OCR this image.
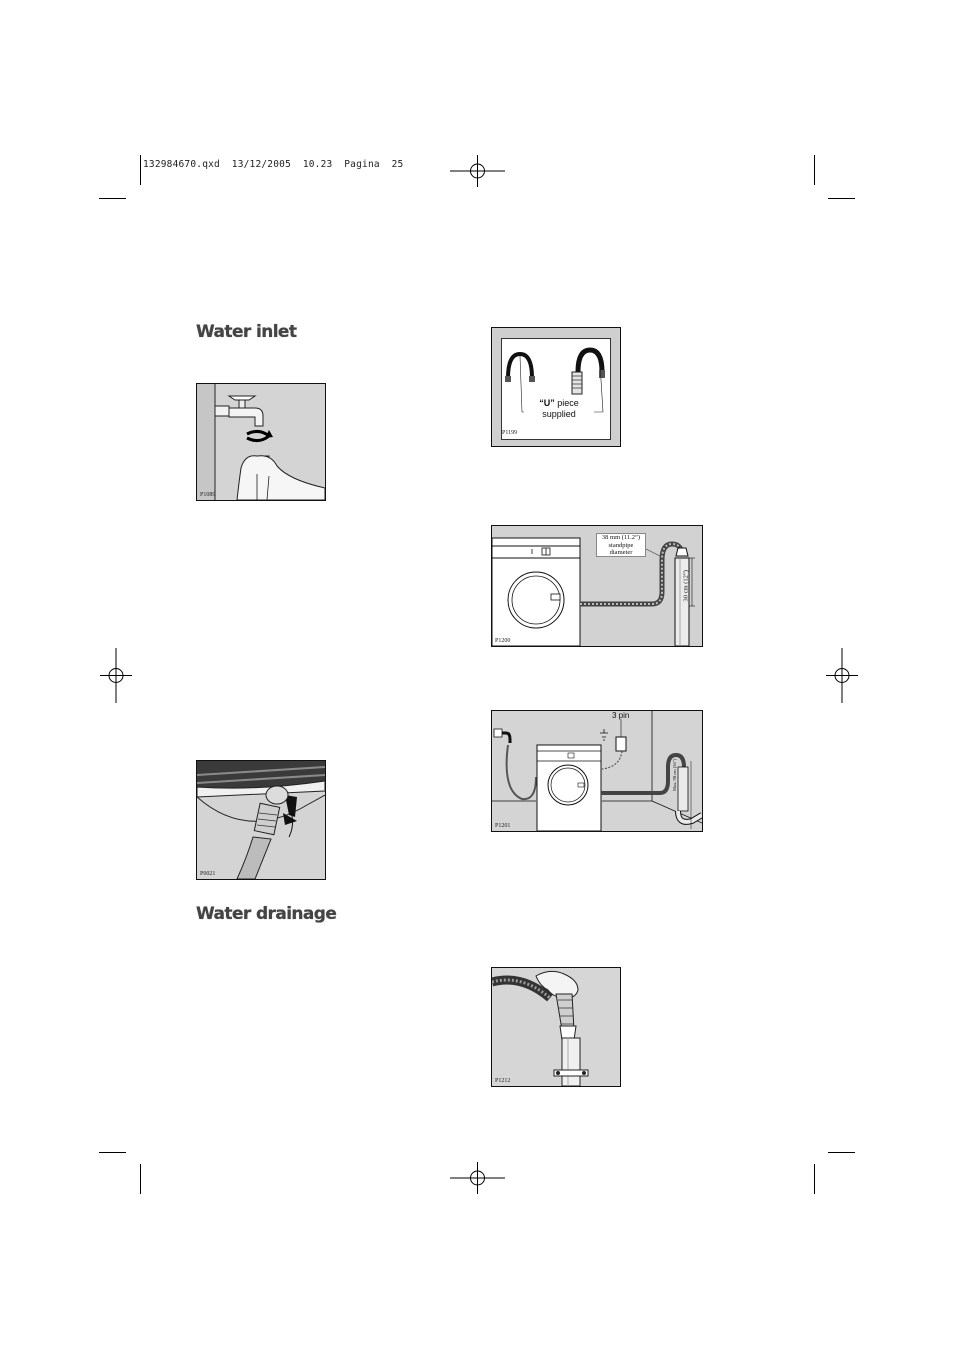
132984670.qxd  13/12/2005  10.23  Pagina  25
Water inlet
Water drainage
P1089
P0021
“U” piece
supplied
P1199
38 mm (11.2”)
standpipe
diameter
30 cm (12”)
P1200
3 pin
Max. 90 cm (36”)
P1201
P1212
